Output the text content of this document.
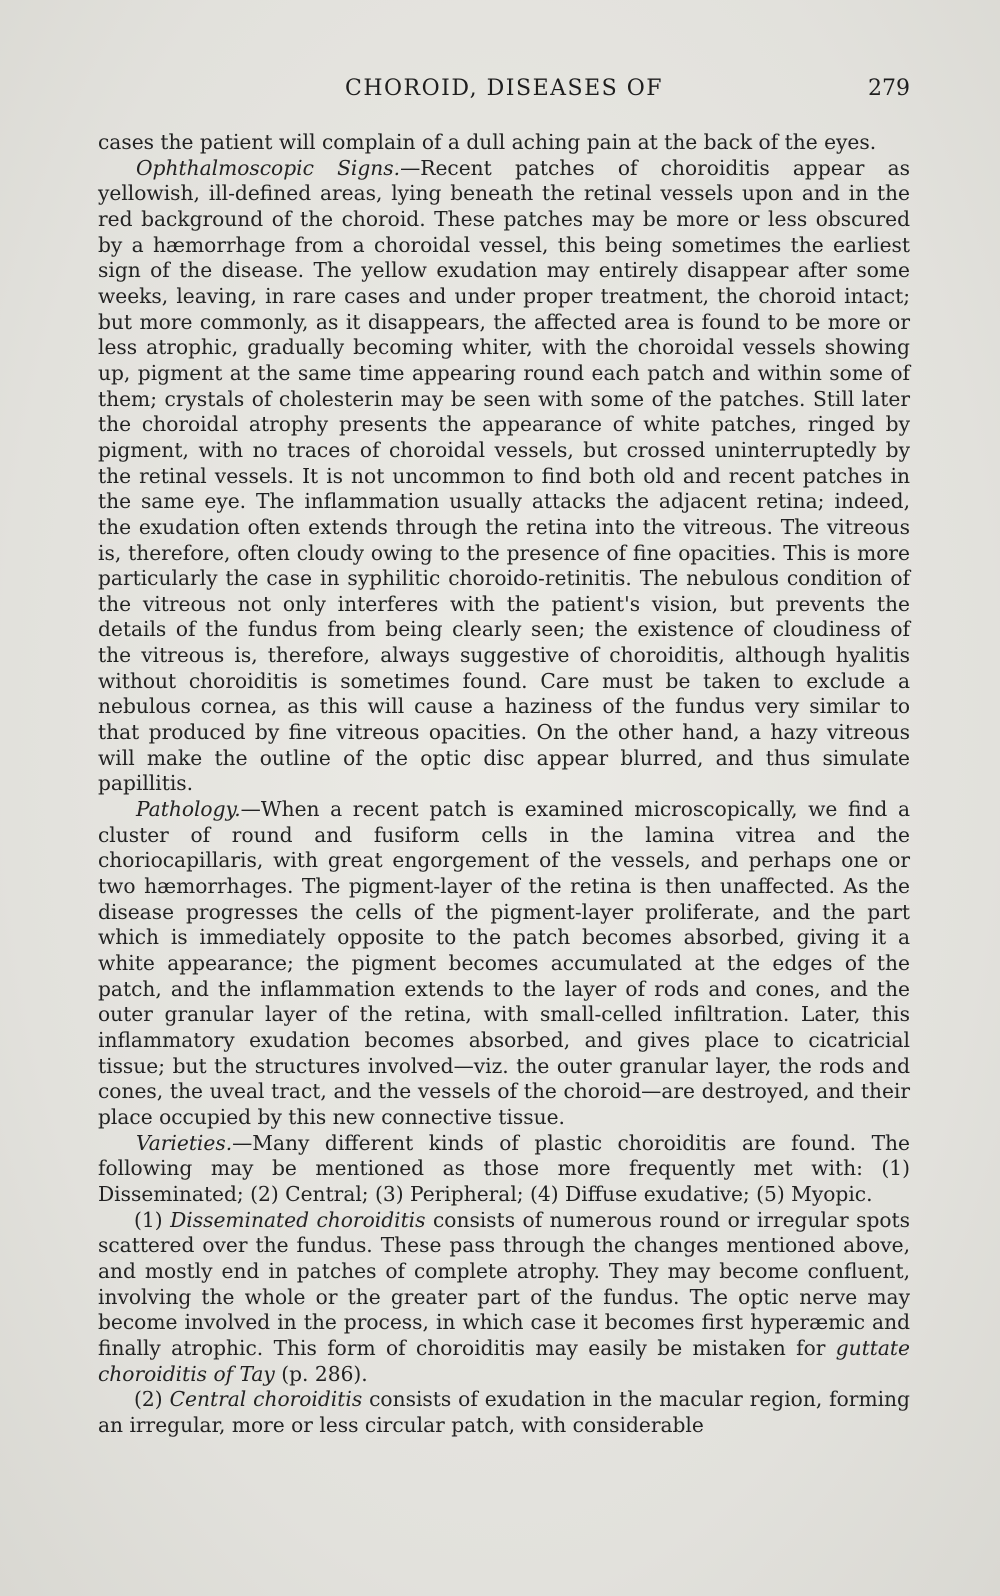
CHOROID, DISEASES OF	279

cases the patient will complain of a dull aching pain at the back of the eyes.

Ophthalmoscopic Signs.—Recent patches of choroiditis appear as yellowish, ill-defined areas, lying beneath the retinal vessels upon and in the red background of the choroid. These patches may be more or less obscured by a hæmorrhage from a choroidal vessel, this being sometimes the earliest sign of the disease. The yellow exudation may entirely disappear after some weeks, leaving, in rare cases and under proper treatment, the choroid intact; but more commonly, as it disappears, the affected area is found to be more or less atrophic, gradually becoming whiter, with the choroidal vessels showing up, pigment at the same time appearing round each patch and within some of them; crystals of cholesterin may be seen with some of the patches. Still later the choroidal atrophy presents the appearance of white patches, ringed by pigment, with no traces of choroidal vessels, but crossed uninterruptedly by the retinal vessels. It is not uncommon to find both old and recent patches in the same eye. The inflammation usually attacks the adjacent retina; indeed, the exudation often extends through the retina into the vitreous. The vitreous is, therefore, often cloudy owing to the presence of fine opacities. This is more particularly the case in syphilitic choroido-retinitis. The nebulous condition of the vitreous not only interferes with the patient's vision, but prevents the details of the fundus from being clearly seen; the existence of cloudiness of the vitreous is, therefore, always suggestive of choroiditis, although hyalitis without choroiditis is sometimes found. Care must be taken to exclude a nebulous cornea, as this will cause a haziness of the fundus very similar to that produced by fine vitreous opacities. On the other hand, a hazy vitreous will make the outline of the optic disc appear blurred, and thus simulate papillitis.

Pathology.—When a recent patch is examined microscopically, we find a cluster of round and fusiform cells in the lamina vitrea and the choriocapillaris, with great engorgement of the vessels, and perhaps one or two hæmorrhages. The pigment-layer of the retina is then unaffected. As the disease progresses the cells of the pigment-layer proliferate, and the part which is immediately opposite to the patch becomes absorbed, giving it a white appearance; the pigment becomes accumulated at the edges of the patch, and the inflammation extends to the layer of rods and cones, and the outer granular layer of the retina, with small-celled infiltration. Later, this inflammatory exudation becomes absorbed, and gives place to cicatricial tissue; but the structures involved—viz. the outer granular layer, the rods and cones, the uveal tract, and the vessels of the choroid—are destroyed, and their place occupied by this new connective tissue.

Varieties.—Many different kinds of plastic choroiditis are found. The following may be mentioned as those more frequently met with: (1) Disseminated; (2) Central; (3) Peripheral; (4) Diffuse exudative; (5) Myopic.

(1) Disseminated choroiditis consists of numerous round or irregular spots scattered over the fundus. These pass through the changes mentioned above, and mostly end in patches of complete atrophy. They may become confluent, involving the whole or the greater part of the fundus. The optic nerve may become involved in the process, in which case it becomes first hyperæmic and finally atrophic. This form of choroiditis may easily be mistaken for guttate choroiditis of Tay (p. 286).

(2) Central choroiditis consists of exudation in the macular region, forming an irregular, more or less circular patch, with considerable
